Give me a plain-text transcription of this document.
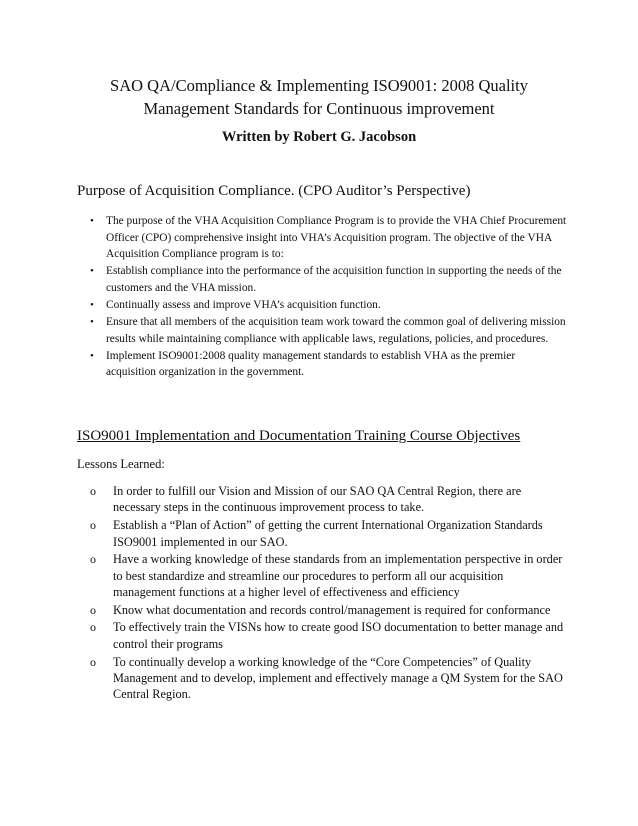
SAO QA/Compliance & Implementing ISO9001: 2008 Quality
Management Standards for Continuous improvement
Written by Robert G. Jacobson
Purpose of Acquisition Compliance. (CPO Auditor’s Perspective)
• The purpose of the VHA Acquisition Compliance Program is to provide the VHA Chief Procurement Officer (CPO) comprehensive insight into VHA’s Acquisition program. The objective of the VHA Acquisition Compliance program is to:
• Establish compliance into the performance of the acquisition function in supporting the needs of the customers and the VHA mission.
• Continually assess and improve VHA’s acquisition function.
• Ensure that all members of the acquisition team work toward the common goal of delivering mission results while maintaining compliance with applicable laws, regulations, policies, and procedures.
• Implement ISO9001:2008 quality management standards to establish VHA as the premier acquisition organization in the government.
ISO9001 Implementation and Documentation Training Course Objectives
Lessons Learned:
o In order to fulfill our Vision and Mission of our SAO QA Central Region, there are necessary steps in the continuous improvement process to take.
o Establish a “Plan of Action” of getting the current International Organization Standards ISO9001 implemented in our SAO.
o Have a working knowledge of these standards from an implementation perspective in order to best standardize and streamline our procedures to perform all our acquisition management functions at a higher level of effectiveness and efficiency
o Know what documentation and records control/management is required for conformance
o To effectively train the VISNs how to create good ISO documentation to better manage and control their programs
o To continually develop a working knowledge of the “Core Competencies” of Quality Management and to develop, implement and effectively manage a QM System for the SAO Central Region.
